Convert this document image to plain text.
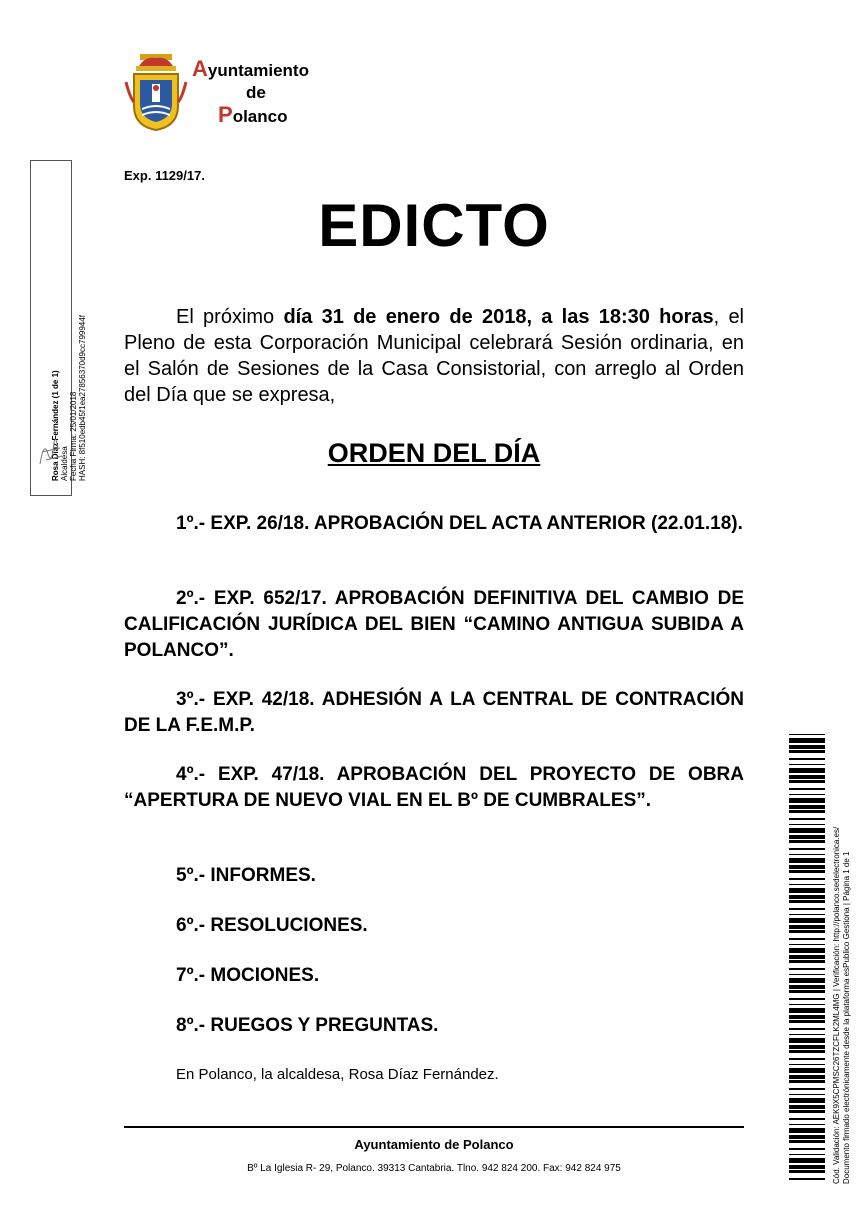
Ayuntamiento
de
Polanco
Rosa Díaz Fernández (1 de 1) Alcaldesa Fecha Firma: 25/01/2018 HASH: 8f510edb45f1ea27856370d9cc799944f
Exp. 1129/17.
EDICTO

El próximo día 31 de enero de 2018, a las 18:30 horas, el Pleno de esta Corporación Municipal celebrará Sesión ordinaria, en el Salón de Sesiones de la Casa Consistorial, con arreglo al Orden del Día que se expresa,

ORDEN DEL DÍA

1º.- EXP. 26/18. APROBACIÓN DEL ACTA ANTERIOR (22.01.18).

2º.- EXP. 652/17. APROBACIÓN DEFINITIVA DEL CAMBIO DE CALIFICACIÓN JURÍDICA DEL BIEN “CAMINO ANTIGUA SUBIDA A POLANCO”.

3º.- EXP. 42/18. ADHESIÓN A LA CENTRAL DE CONTRACIÓN DE LA F.E.M.P.

4º.- EXP. 47/18. APROBACIÓN DEL PROYECTO DE OBRA “APERTURA DE NUEVO VIAL EN EL Bº DE CUMBRALES”.

5º.- INFORMES.

6º.- RESOLUCIONES.

7º.- MOCIONES.

8º.- RUEGOS Y PREGUNTAS.

En Polanco, la alcaldesa, Rosa Díaz Fernández.
Ayuntamiento de Polanco
Bº La Iglesia R- 29, Polanco. 39313 Cantabria. Tlno. 942 824 200. Fax: 942 824 975	Cód. Validación: AEK9X5CPMSC26TZCFLK2ML4MG | Verificación: http://polanco.sedelectronica.es/ Documento firmado electrónicamente desde la plataforma esPublico Gestiona | Página 1 de 1
